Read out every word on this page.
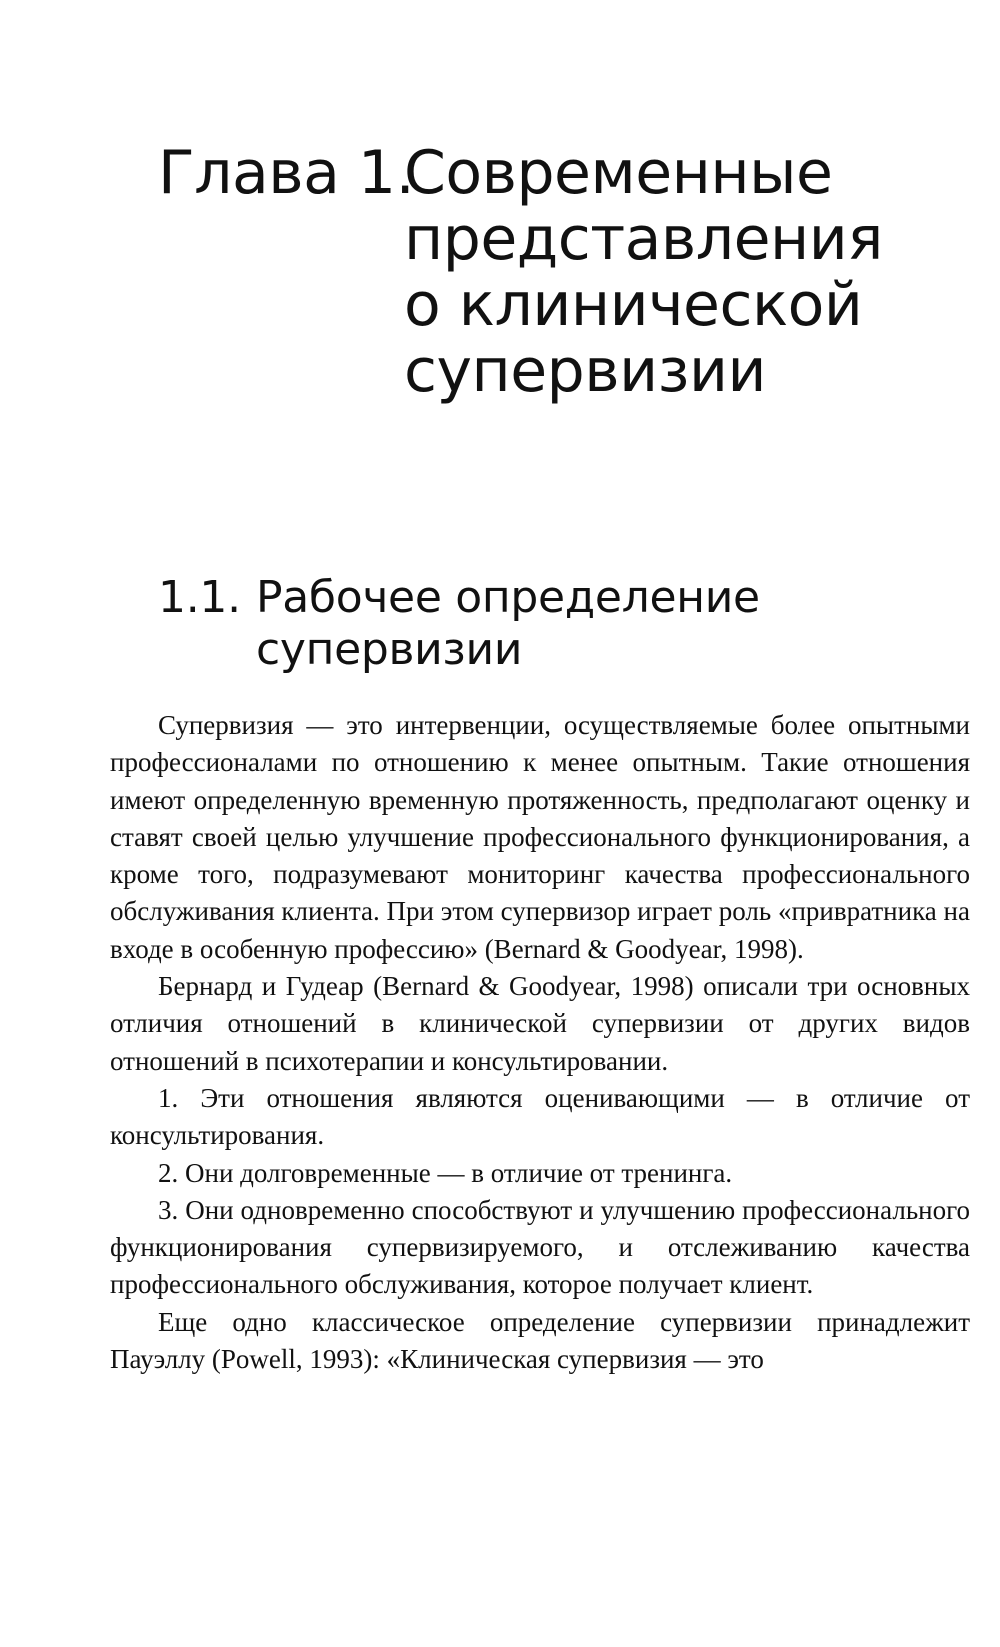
Глава 1.
Современные
представления
о клинической
супервизии
1.1. Рабочее определение
супервизии

Супервизия — это интервенции, осуществляемые более опытными профессионалами по отношению к менее опытным. Такие отношения имеют определенную временную протяженность, предполагают оценку и ставят своей целью улучшение профессионального функционирования, а кроме того, подразумевают мониторинг качества профессионального обслуживания клиента. При этом супервизор играет роль «привратника на входе в особенную профессию» (Bernard & Goodyear, 1998).

Бернард и Гудеар (Bernard & Goodyear, 1998) описали три основных отличия отношений в клинической супервизии от других видов отношений в психотерапии и консультировании.

1. Эти отношения являются оценивающими — в отличие от консультирования.

2. Они долговременные — в отличие от тренинга.

3. Они одновременно способствуют и улучшению профессионального функционирования супервизируемого, и отслеживанию качества профессионального обслуживания, которое получает клиент.

Еще одно классическое определение супервизии принадлежит Пауэллу (Powell, 1993): «Клиническая супервизия — это
